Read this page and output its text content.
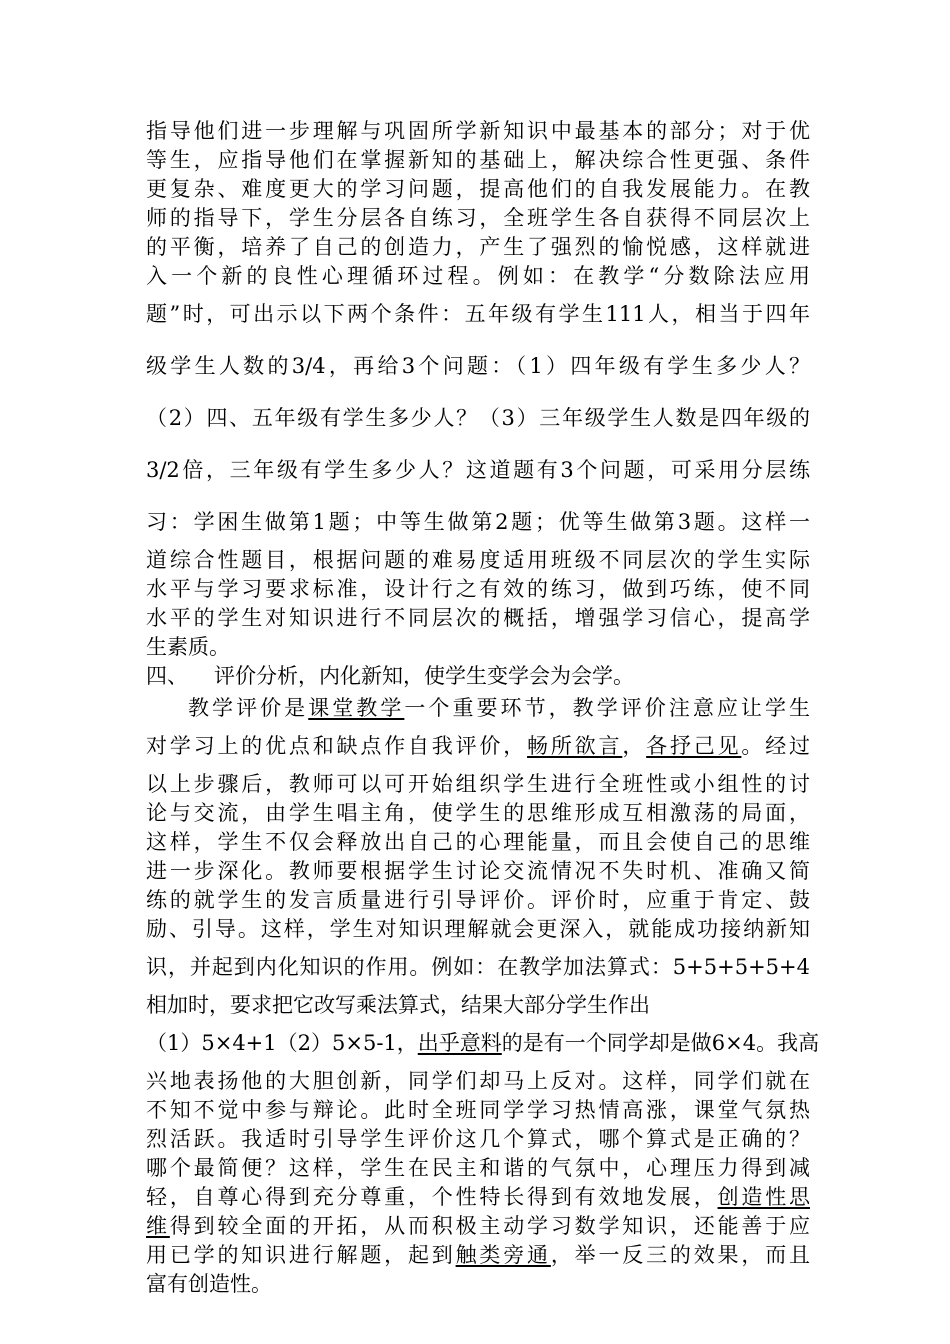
指导他们进一步理解与巩固所学新知识中最基本的部分；对于优
等生，应指导他们在掌握新知的基础上，解决综合性更强、条件
更复杂、难度更大的学习问题，提高他们的自我发展能力。在教
师的指导下，学生分层各自练习，全班学生各自获得不同层次上
的平衡，培养了自己的创造力，产生了强烈的愉悦感，这样就进
入一个新的良性心理循环过程。例如：在教学“分数除法应用
题”时，可出示以下两个条件：五年级有学生111人，相当于四年
级学生人数的3/4，再给3个问题：（1）四年级有学生多少人？
（2）四、五年级有学生多少人？（3）三年级学生人数是四年级的
3/2倍，三年级有学生多少人？这道题有3个问题，可采用分层练
习：学困生做第1题；中等生做第2题；优等生做第3题。这样一
道综合性题目，根据问题的难易度适用班级不同层次的学生实际
水平与学习要求标准，设计行之有效的练习，做到巧练，使不同
水平的学生对知识进行不同层次的概括，增强学习信心，提高学
生素质。
四、 评价分析，内化新知，使学生变学会为会学。
教学评价是课堂教学一个重要环节，教学评价注意应让学生
对学习上的优点和缺点作自我评价，畅所欲言，各抒己见。经过
以上步骤后，教师可以可开始组织学生进行全班性或小组性的讨
论与交流，由学生唱主角，使学生的思维形成互相激荡的局面，
这样，学生不仅会释放出自己的心理能量，而且会使自己的思维
进一步深化。教师要根据学生讨论交流情况不失时机、准确又简
练的就学生的发言质量进行引导评价。评价时，应重于肯定、鼓
励、引导。这样，学生对知识理解就会更深入，就能成功接纳新知
识，并起到内化知识的作用。例如：在教学加法算式：5+5+5+5+4
相加时，要求把它改写乘法算式，结果大部分学生作出
（1）5×4+1（2）5×5-1，出乎意料的是有一个同学却是做6×4。我高
兴地表扬他的大胆创新，同学们却马上反对。这样，同学们就在
不知不觉中参与辩论。此时全班同学学习热情高涨，课堂气氛热
烈活跃。我适时引导学生评价这几个算式，哪个算式是正确的？
哪个最简便？这样，学生在民主和谐的气氛中，心理压力得到减
轻，自尊心得到充分尊重，个性特长得到有效地发展，创造性思
维得到较全面的开拓，从而积极主动学习数学知识，还能善于应
用已学的知识进行解题，起到触类旁通，举一反三的效果，而且
富有创造性。
